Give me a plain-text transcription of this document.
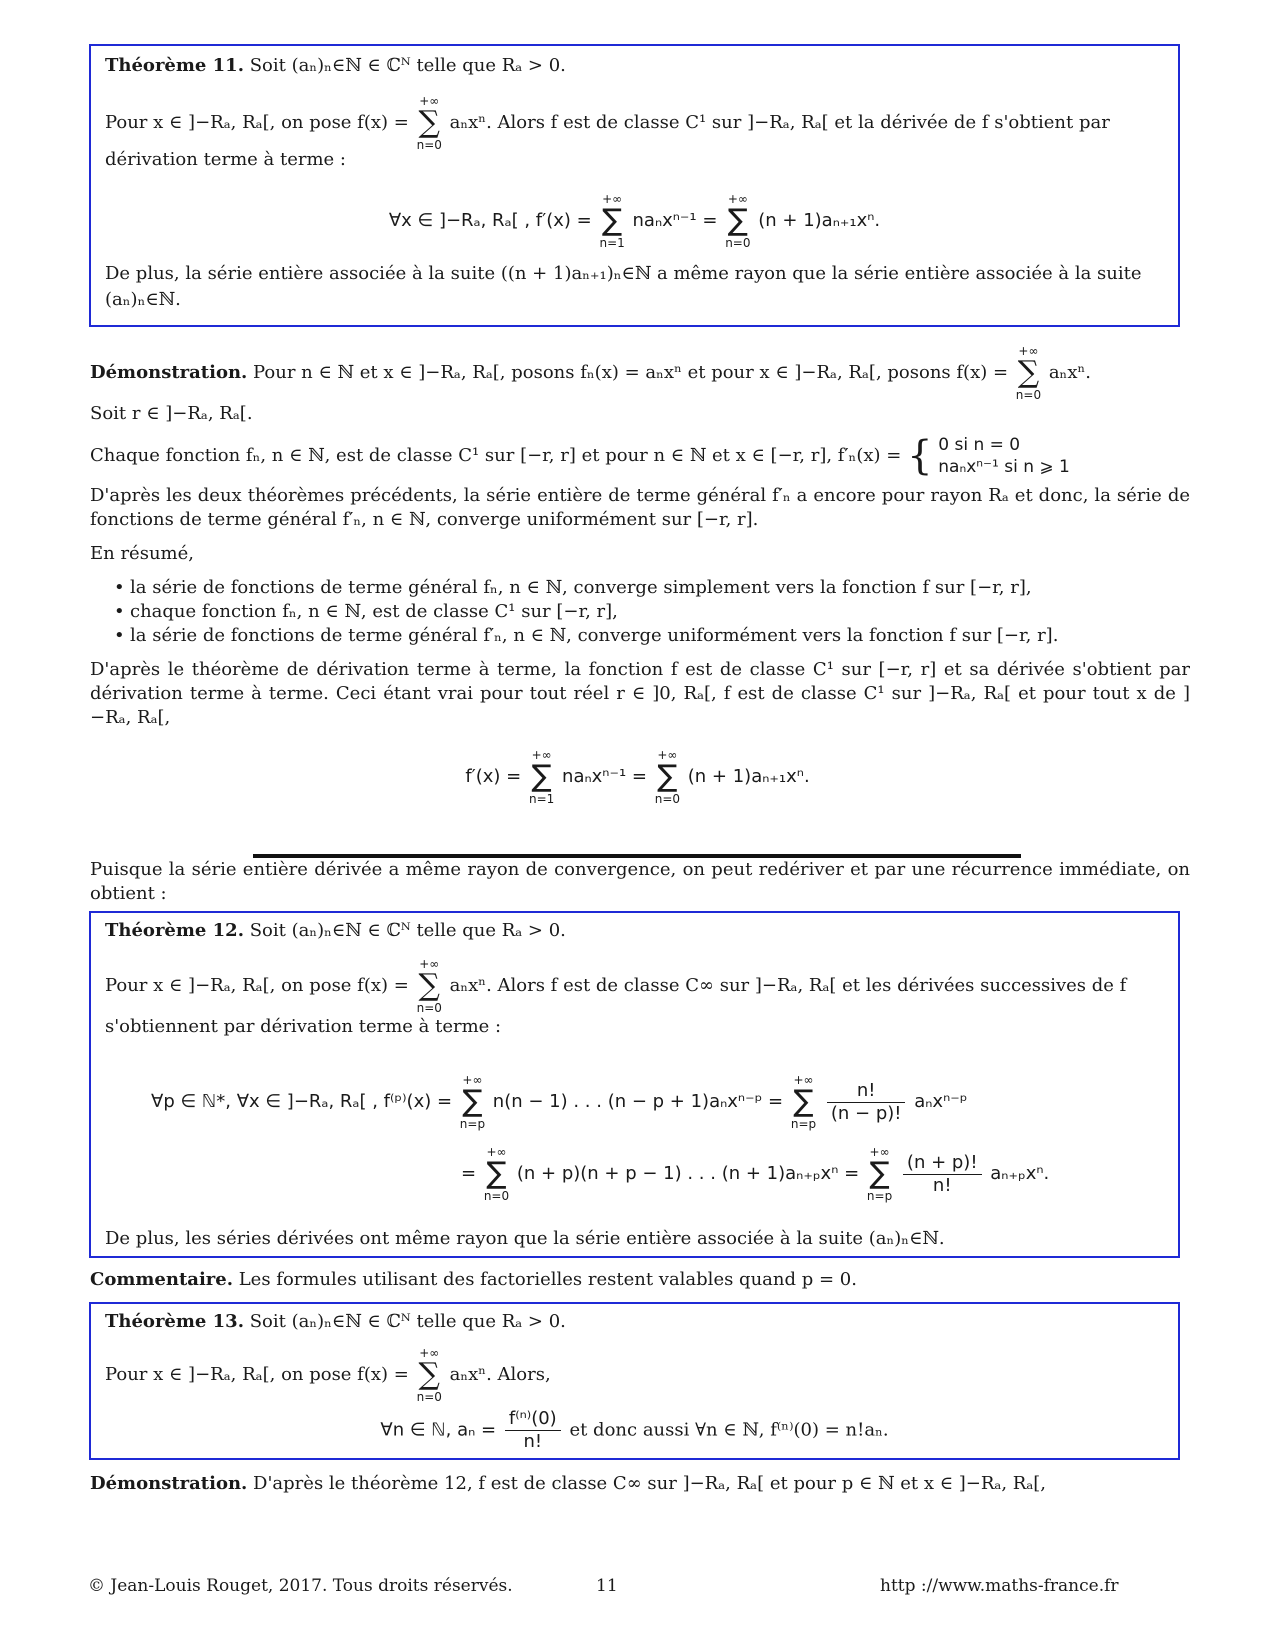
Théorème 11. Soit (aₙ)ₙ∈ℕ ∈ ℂᴺ telle que Rₐ > 0.
Pour x ∈ ]−Rₐ, Rₐ[, on pose f(x) =
+∞
∑
n=0
aₙxⁿ. Alors f est de classe C¹ sur ]−Rₐ, Rₐ[ et la dérivée de f s'obtient par
dérivation terme à terme :
∀x ∈ ]−Rₐ, Rₐ[ , f′(x) =
+∞
∑
n=1
naₙxⁿ⁻¹ =
+∞
∑
n=0
(n + 1)aₙ₊₁xⁿ.
De plus, la série entière associée à la suite ((n + 1)aₙ₊₁)ₙ∈ℕ a même rayon que la série entière associée à la suite
(aₙ)ₙ∈ℕ.
Démonstration. Pour n ∈ ℕ et x ∈ ]−Rₐ, Rₐ[, posons fₙ(x) = aₙxⁿ et pour x ∈ ]−Rₐ, Rₐ[, posons f(x) =
+∞
∑
n=0
aₙxⁿ.
Soit r ∈ ]−Rₐ, Rₐ[.
Chaque fonction fₙ, n ∈ ℕ, est de classe C¹ sur [−r, r] et pour n ∈ ℕ et x ∈ [−r, r], f′ₙ(x) = { 0 si n = 0
naₙxⁿ⁻¹ si n ⩾ 1
D'après les deux théorèmes précédents, la série entière de terme général f′ₙ a encore pour rayon Rₐ et donc, la série de fonctions de terme général f′ₙ, n ∈ ℕ, converge uniformément sur [−r, r].
En résumé,
• la série de fonctions de terme général fₙ, n ∈ ℕ, converge simplement vers la fonction f sur [−r, r],
• chaque fonction fₙ, n ∈ ℕ, est de classe C¹ sur [−r, r],
• la série de fonctions de terme général f′ₙ, n ∈ ℕ, converge uniformément vers la fonction f sur [−r, r].
D'après le théorème de dérivation terme à terme, la fonction f est de classe C¹ sur [−r, r] et sa dérivée s'obtient par dérivation terme à terme. Ceci étant vrai pour tout réel r ∈ ]0, Rₐ[, f est de classe C¹ sur ]−Rₐ, Rₐ[ et pour tout x de ]−Rₐ, Rₐ[,
f′(x) =
+∞
∑
n=1
naₙxⁿ⁻¹ =
+∞
∑
n=0
(n + 1)aₙ₊₁xⁿ.
Puisque la série entière dérivée a même rayon de convergence, on peut redériver et par une récurrence immédiate, on obtient :
Théorème 12. Soit (aₙ)ₙ∈ℕ ∈ ℂᴺ telle que Rₐ > 0.
Pour x ∈ ]−Rₐ, Rₐ[, on pose f(x) =
+∞
∑
n=0
aₙxⁿ. Alors f est de classe C∞ sur ]−Rₐ, Rₐ[ et les dérivées successives de f
s'obtiennent par dérivation terme à terme :
∀p ∈ ℕ*, ∀x ∈ ]−Rₐ, Rₐ[ , f⁽ᵖ⁾(x) =
+∞
∑
n=p
n(n − 1) . . . (n − p + 1)aₙxⁿ⁻ᵖ =
+∞
∑
n=p
$\frac{n!}{(n - p)!}$ aₙxⁿ⁻ᵖ
=
+∞
∑
n=0
(n + p)(n + p − 1) . . . (n + 1)aₙ₊ₚxⁿ =
+∞
∑
n=p
$\frac{(n + p)!}{n!} a_{n+p}x^n$.
De plus, les séries dérivées ont même rayon que la série entière associée à la suite (aₙ)ₙ∈ℕ.
Commentaire. Les formules utilisant des factorielles restent valables quand p = 0.
Théorème 13. Soit (aₙ)ₙ∈ℕ ∈ ℂᴺ telle que Rₐ > 0.
Pour x ∈ ]−Rₐ, Rₐ[, on pose f(x) =
+∞
∑
n=0
aₙxⁿ. Alors,
∀n ∈ ℕ, $a_n = \frac{\text{f⁽ⁿ⁾(0)}}{n!}$ et donc aussi ∀n ∈ ℕ, f⁽ⁿ⁾(0) = n!aₙ.
Démonstration. D'après le théorème 12, f est de classe C∞ sur ]−Rₐ, Rₐ[ et pour p ∈ ℕ et x ∈ ]−Rₐ, Rₐ[,
© Jean-Louis Rouget, 2017. Tous droits réservés.	11	http ://www.maths-france.fr
